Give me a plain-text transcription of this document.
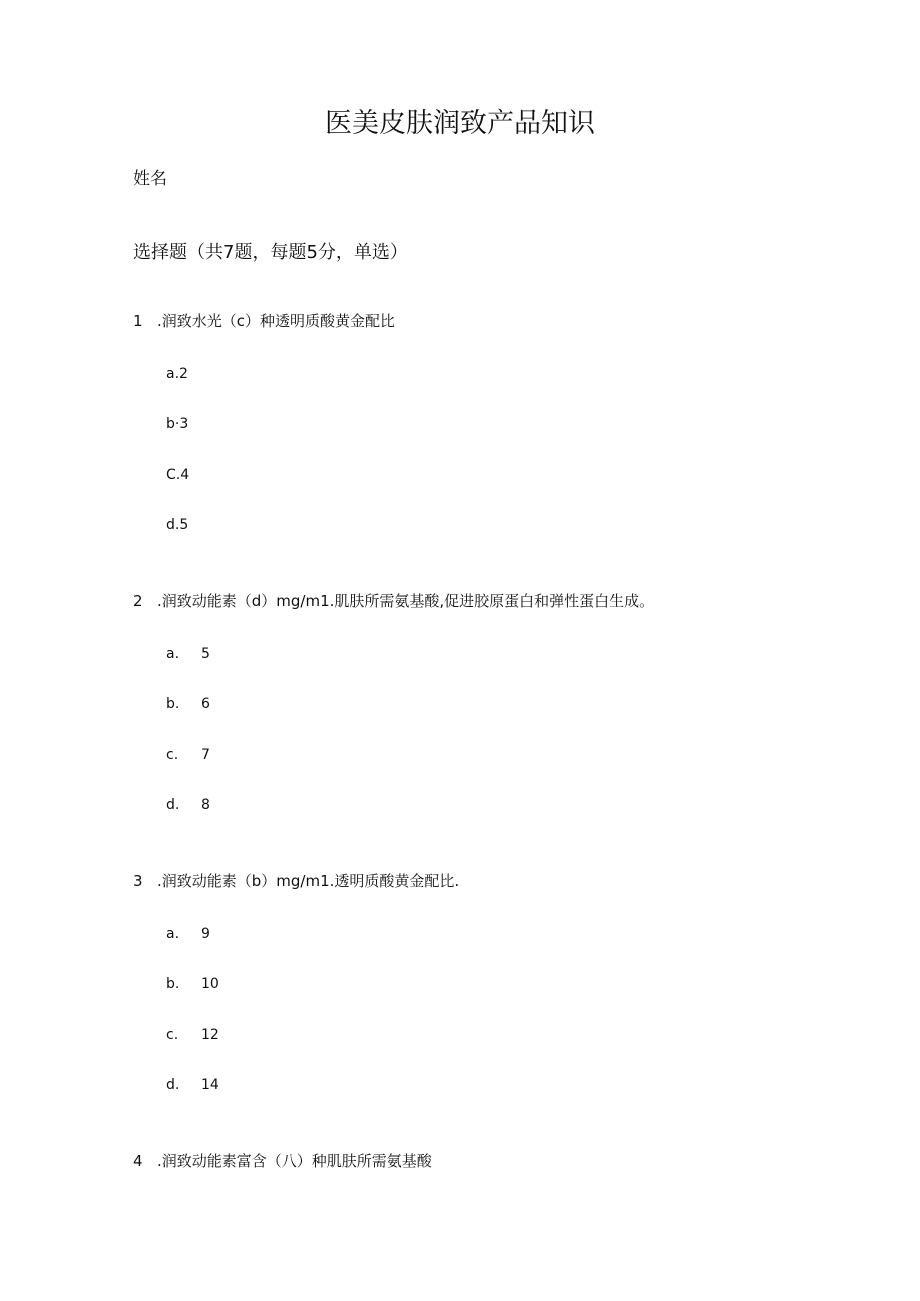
医美皮肤润致产品知识
姓名
选择题（共7题，每题5分，单选）
1 .润致水光（c）种透明质酸黄金配比
a.2
b·3
C.4
d.5
2 .润致动能素（d）mg/m1.肌肤所需氨基酸,促进胶原蛋白和弹性蛋白生成。
a. 5
b. 6
c. 7
d. 8
3 .润致动能素（b）mg/m1.透明质酸黄金配比.
a. 9
b. 10
c. 12
d. 14
4 .润致动能素富含（八）种肌肤所需氨基酸
